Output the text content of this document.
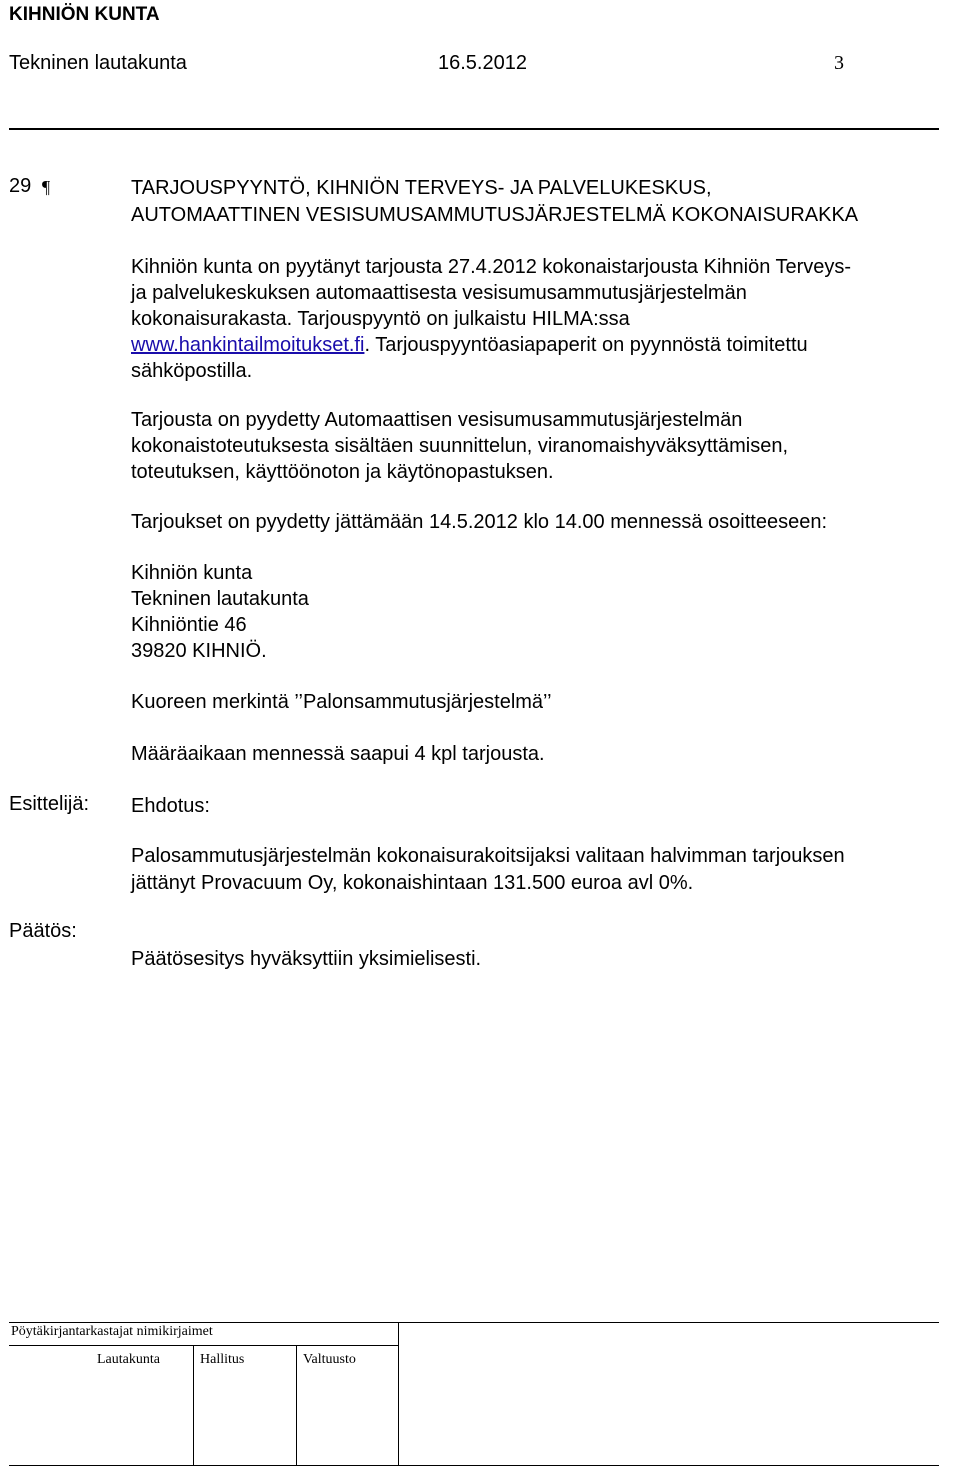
KIHNIÖN KUNTA
Tekninen lautakunta	16.5.2012	3
29 ¶	TARJOUSPYYNTÖ, KIHNIÖN TERVEYS- JA PALVELUKESKUS,
AUTOMAATTINEN VESISUMUSAMMUTUSJÄRJESTELMÄ KOKONAISURAKKA
Kihniön kunta on pyytänyt tarjousta 27.4.2012 kokonaistarjousta Kihniön Terveys-
ja palvelukeskuksen automaattisesta vesisumusammutusjärjestelmän
kokonaisurakasta. Tarjouspyyntö on julkaistu HILMA:ssa
www.hankintailmoitukset.fi. Tarjouspyyntöasiapaperit on pyynnöstä toimitettu
sähköpostilla.
Tarjousta on pyydetty Automaattisen vesisumusammutusjärjestelmän
kokonaistoteutuksesta sisältäen suunnittelun, viranomaishyväksyttämisen,
toteutuksen, käyttöönoton ja käytönopastuksen.
Tarjoukset on pyydetty jättämään 14.5.2012 klo 14.00 mennessä osoitteeseen:
Kihniön kunta
Tekninen lautakunta
Kihniöntie 46
39820 KIHNIÖ.
Kuoreen merkintä ’’Palonsammutusjärjestelmä’’
Määräaikaan mennessä saapui 4 kpl tarjousta.
Esittelijä: Ehdotus:
Palosammutusjärjestelmän kokonaisurakoitsijaksi valitaan halvimman tarjouksen
jättänyt Provacuum Oy, kokonaishintaan 131.500 euroa avl 0%.
Päätös:
Päätösesitys hyväksyttiin yksimielisesti.
Pöytäkirjantarkastajat nimikirjaimet
Lautakunta	Hallitus	Valtuusto
